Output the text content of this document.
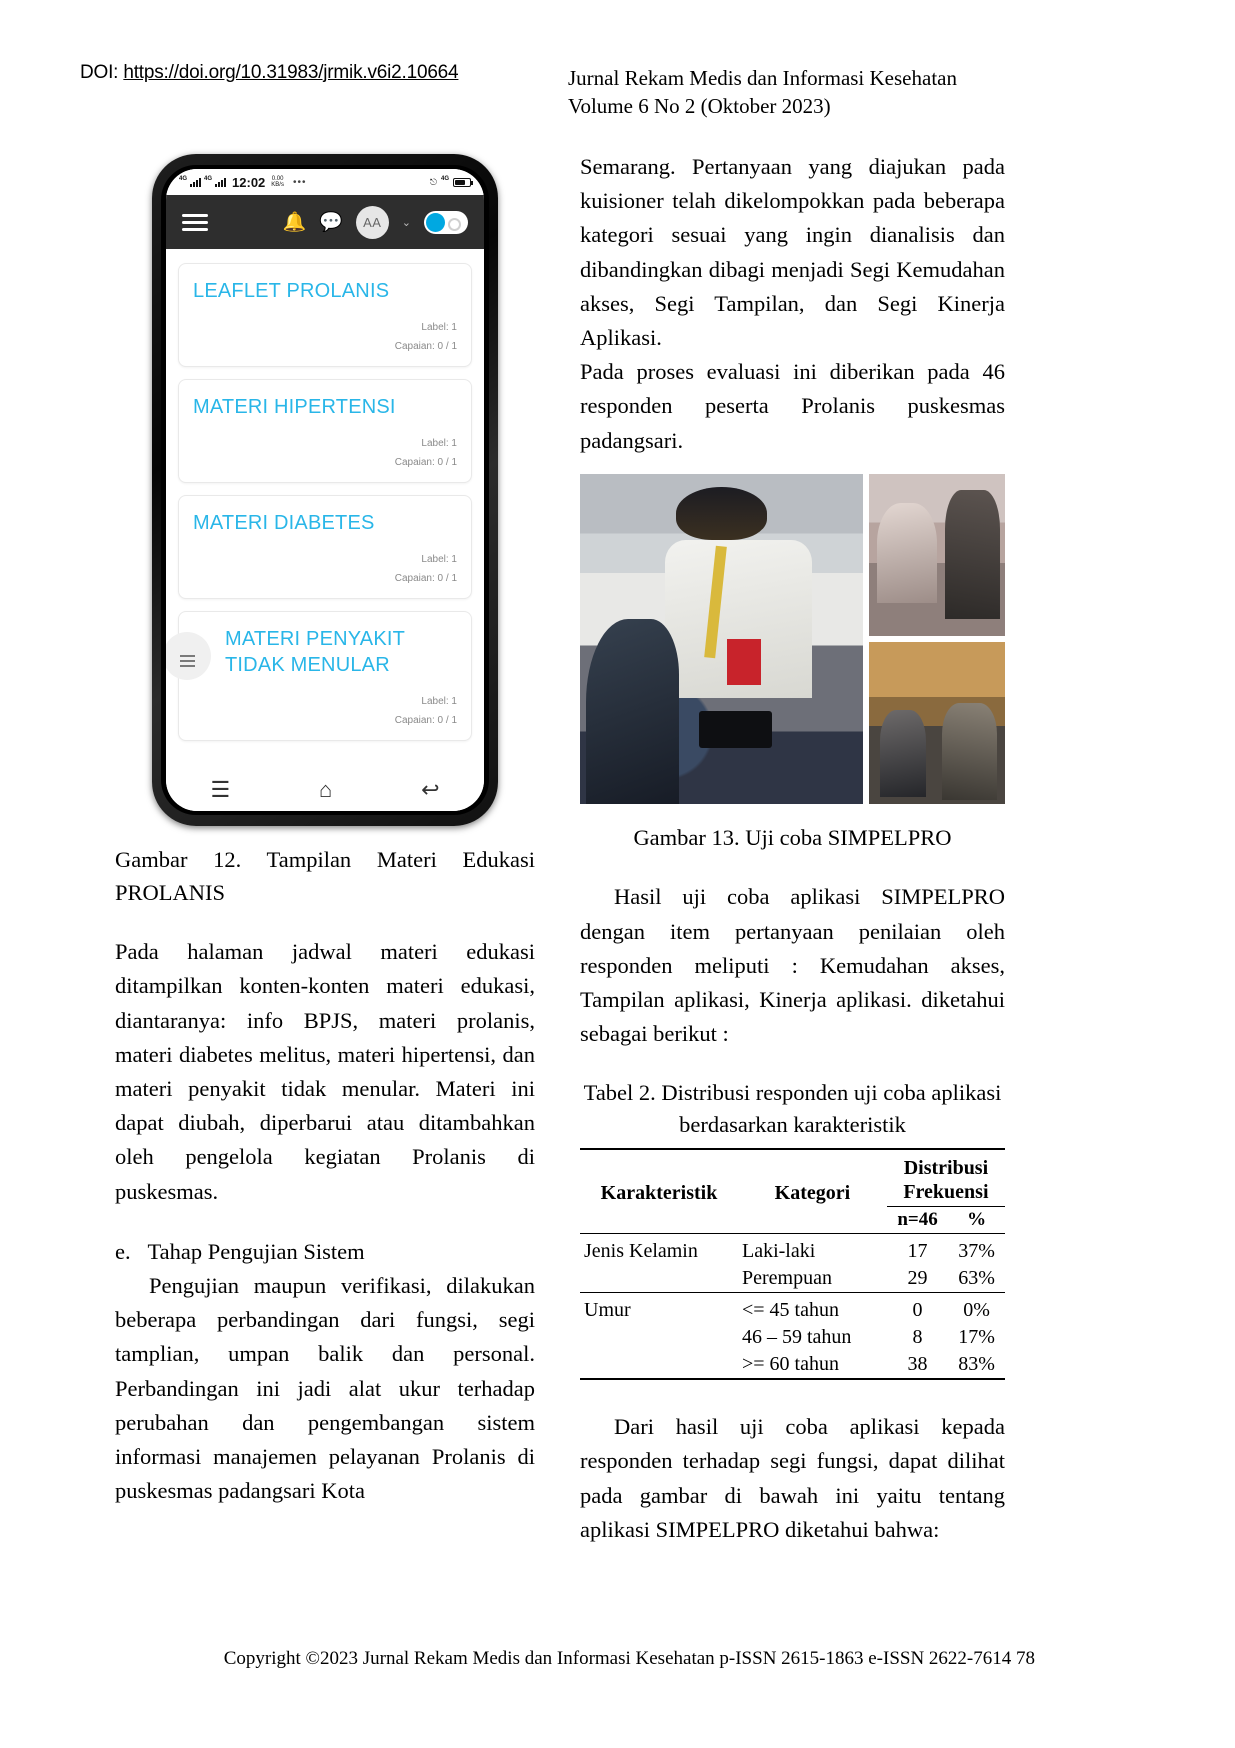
DOI: https://doi.org/10.31983/jrmik.v6i2.10664	Jurnal Rekam Medis dan Informasi Kesehatan
Volume 6 No 2 (Oktober 2023)
4G	4G 12:02 0.00
KB/s •••	⎋ 4G
🔔 💬	AA	⌄
LEAFLET PROLANIS
Label: 1
Capaian: 0 / 1
MATERI HIPERTENSI
Label: 1
Capaian: 0 / 1
MATERI DIABETES
Label: 1
Capaian: 0 / 1
MATERI PENYAKIT TIDAK MENULAR
Label: 1
Capaian: 0 / 1
☰	⌂	↩
Gambar 12. Tampilan Materi Edukasi PROLANIS

Pada halaman jadwal materi edukasi ditampilkan konten-konten materi edukasi, diantaranya: info BPJS, materi prolanis, materi diabetes melitus, materi hipertensi, dan materi penyakit tidak menular. Materi ini dapat diubah, diperbarui atau ditambahkan oleh pengelola kegiatan Prolanis di puskesmas.

e. Tahap Pengujian Sistem

Pengujian maupun verifikasi, dilakukan beberapa perbandingan dari fungsi, segi tamplian, umpan balik dan personal. Perbandingan ini jadi alat ukur terhadap perubahan dan pengembangan sistem informasi manajemen pelayanan Prolanis di puskesmas padangsari Kota

Semarang. Pertanyaan yang diajukan pada kuisioner telah dikelompokkan pada beberapa kategori sesuai yang ingin dianalisis dan dibandingkan dibagi menjadi Segi Kemudahan akses, Segi Tampilan, dan Segi Kinerja Aplikasi.

Pada proses evaluasi ini diberikan pada 46 responden peserta Prolanis puskesmas padangsari.

Gambar 13. Uji coba SIMPELPRO

Hasil uji coba aplikasi SIMPELPRO dengan item pertanyaan penilaian oleh responden meliputi : Kemudahan akses, Tampilan aplikasi, Kinerja aplikasi. diketahui sebagai berikut :

Tabel 2. Distribusi responden uji coba aplikasi berdasarkan karakteristik

Karakteristik	Kategori	Distribusi
Frekuensi	
		n=46	%

Jenis Kelamin	Laki-laki	17	37%
	Perempuan	29	63%

Umur	<= 45 tahun	0	0%
	46 – 59 tahun	8	17%
	>= 60 tahun	38	83%

Dari hasil uji coba aplikasi kepada responden terhadap segi fungsi, dapat dilihat pada gambar di bawah ini yaitu tentang aplikasi SIMPELPRO diketahui bahwa:

Copyright ©2023 Jurnal Rekam Medis dan Informasi Kesehatan p-ISSN 2615-1863 e-ISSN 2622-7614 78
